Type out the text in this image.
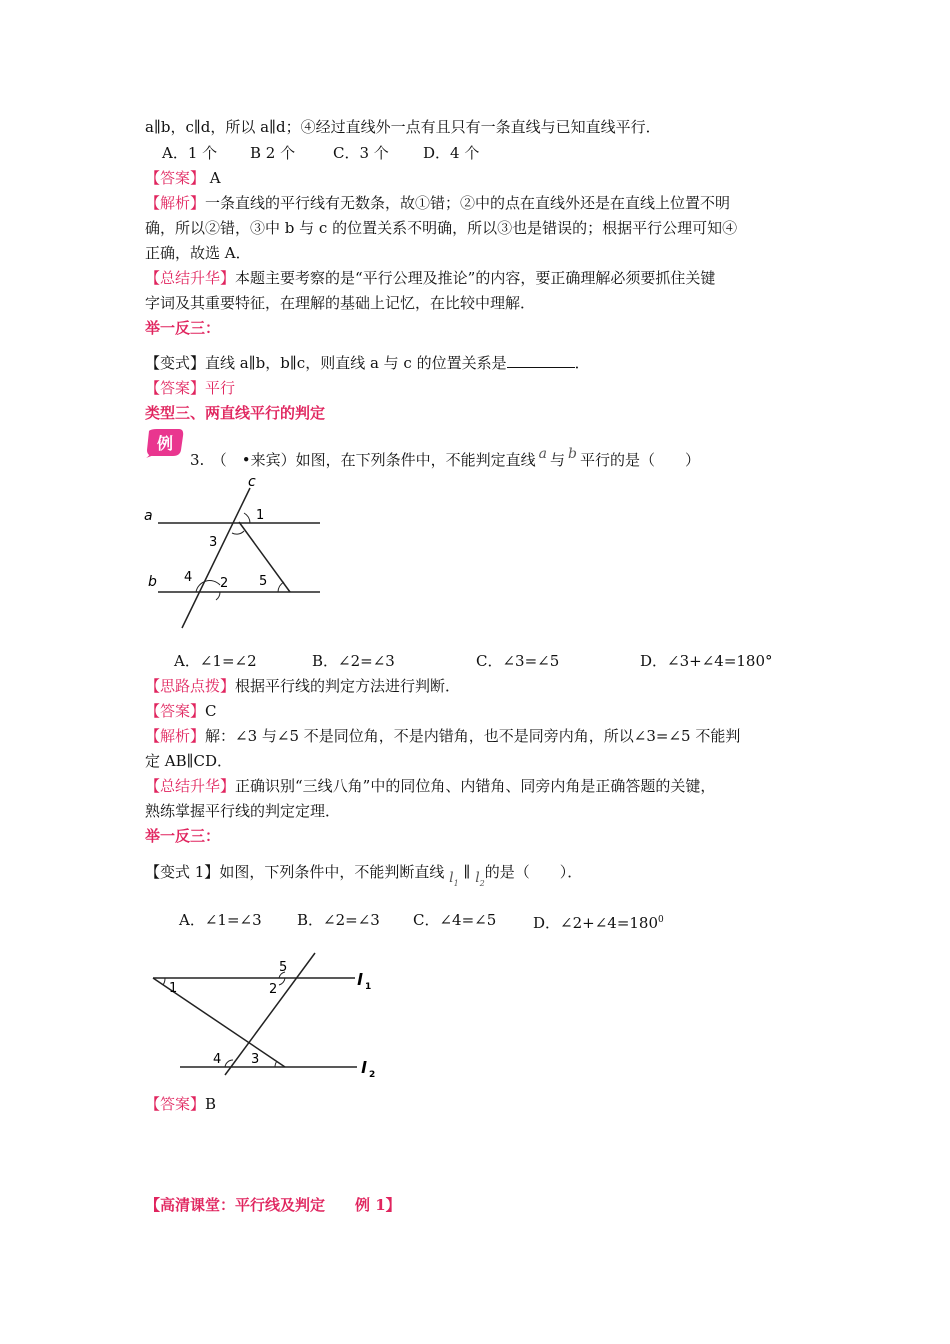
a∥b，c∥d，所以 a∥d；④经过直线外一点有且只有一条直线与已知直线平行．
A．1 个 B 2 个	C．3 个 D．4 个
【答案】 A
【解析】一条直线的平行线有无数条，故①错；②中的点在直线外还是在直线上位置不明
确，所以②错，③中 b 与 c 的位置关系不明确，所以③也是错误的；根据平行公理可知④
正确，故选 A．
【总结升华】本题主要考察的是“平行公理及推论”的内容，要正确理解必须要抓住关键
字词及其重要特征，在理解的基础上记忆，在比较中理解．
举一反三：
【变式】直线 a∥b，b∥c，则直线 a 与 c 的位置关系是	．
【答案】平行
类型三、两直线平行的判定
例
3.　（　•来宾）如图，在下列条件中，不能判定直线 a 与 b 平行的是（　　）
c
a
b
1
2
3
4	5
A．∠1=∠2	B．∠2=∠3	C．∠3=∠5	D．∠3+∠4=180°
【思路点拨】根据平行线的判定方法进行判断．
【答案】C
【解析】解：∠3 与∠5 不是同位角，不是内错角，也不是同旁内角，所以∠3=∠5 不能判
定 AB∥CD．
【总结升华】正确识别“三线八角”中的同位角、内错角、同旁内角是正确答题的关键，
熟练掌握平行线的判定定理．
举一反三：
【变式 1】如图，下列条件中，不能判断直线 $l_1$ ∥ $l_2$的是（　　）．
A．∠1=∠3 B．∠2=∠3 C．∠4=∠5 D．$\angle 2+\angle 4=180^0$
5
1	2
4 3
l 1
l 2
【答案】B
【高清课堂：平行线及判定　　例 1】
